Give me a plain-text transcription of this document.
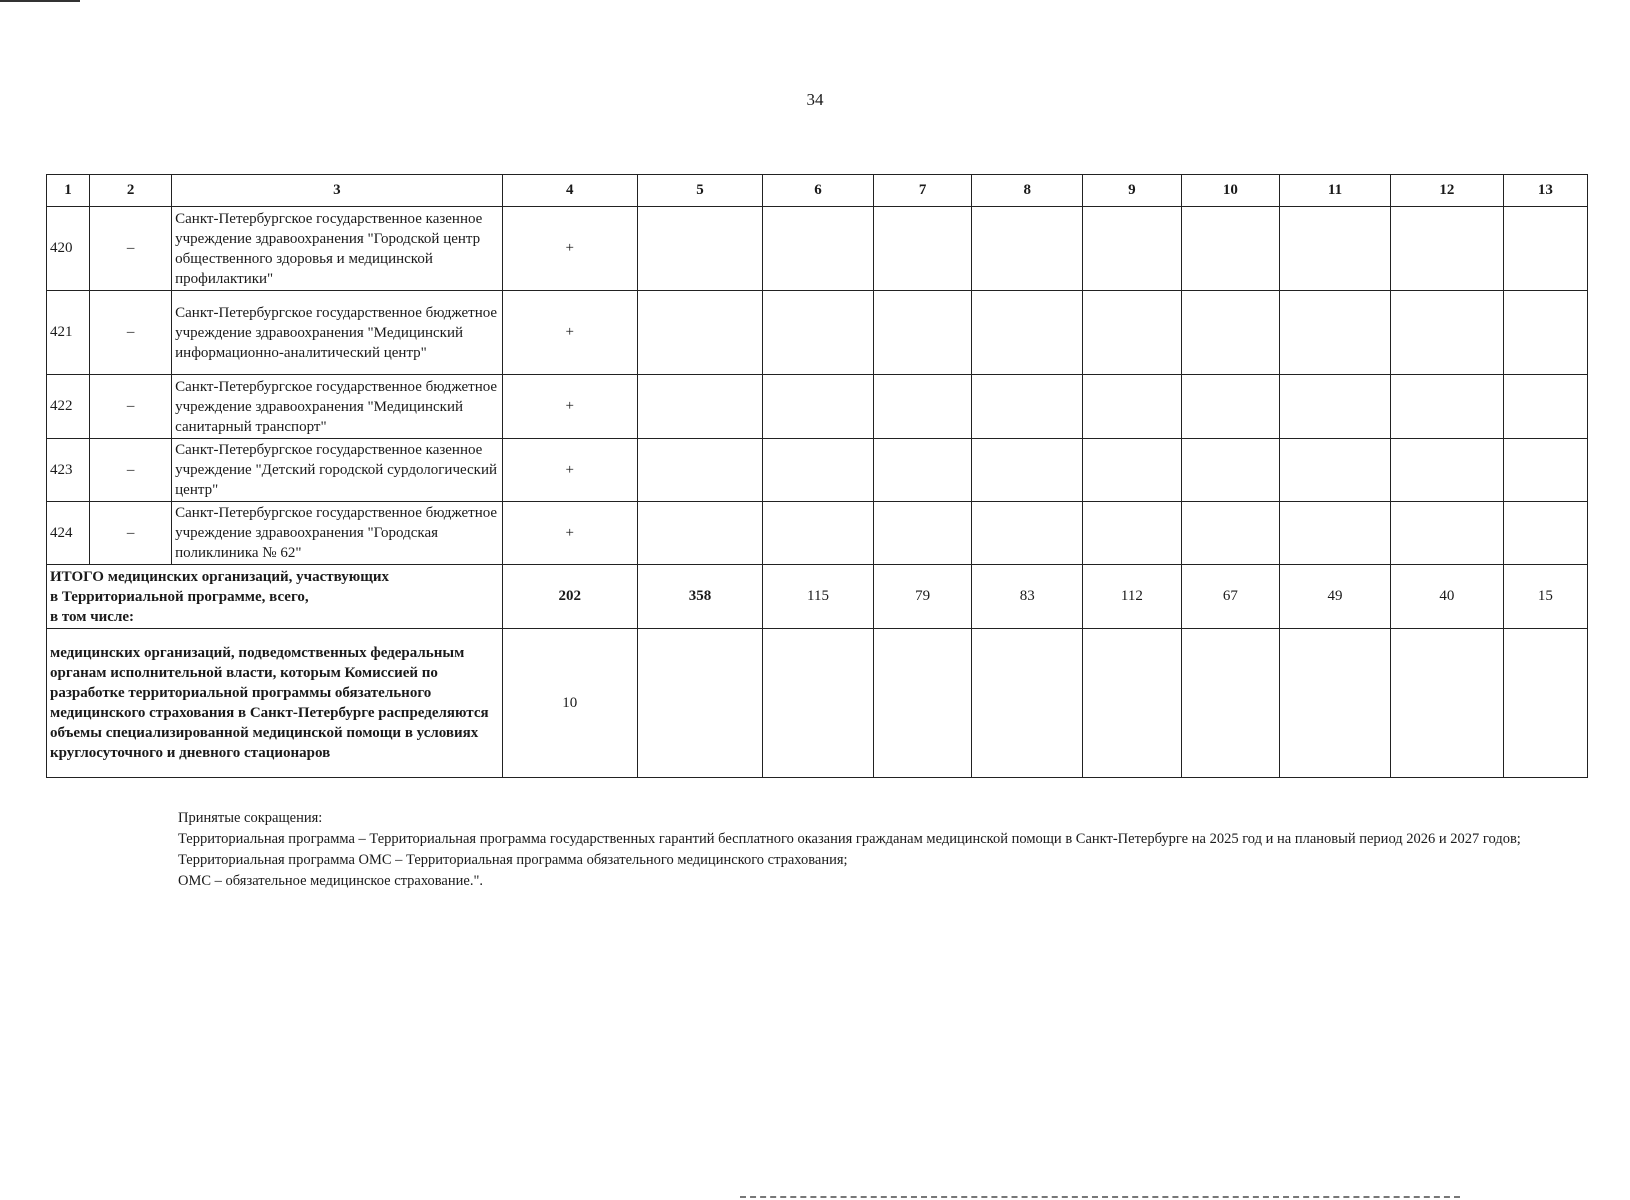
34
1	2	3	4	5	6	7	8	9	10	11	12	13
420	–	Санкт-Петербургское государственное казенное учреждение здравоохранения "Городской центр общественного здоровья и медицинской профилактики"	+									
421	–	Санкт-Петербургское государственное бюджетное учреждение здравоохранения "Медицинский информационно-аналитический центр"	+									
422	–	Санкт-Петербургское государственное бюджетное учреждение здравоохранения "Медицинский санитарный транспорт"	+									
423	–	Санкт-Петербургское государственное казенное учреждение "Детский городской сурдологический центр"	+									
424	–	Санкт-Петербургское государственное бюджетное учреждение здравоохранения "Городская поликлиника № 62"	+									

ИТОГО медицинских организаций, участвующих
в Территориальной программе, всего,
в том числе:			202	358	115	79	83	112	67	49	40	15
медицинских организаций, подведомственных федеральным органам исполнительной власти, которым Комиссией по разработке территориальной программы обязательного медицинского страхования в Санкт-Петербурге распределяются объемы специализированной медицинской помощи в условиях круглосуточного и дневного стационаров			10									
Принятые сокращения:
Территориальная программа – Территориальная программа государственных гарантий бесплатного оказания гражданам медицинской помощи в Санкт-Петербурге на 2025 год и на плановый период 2026 и 2027 годов;
Территориальная программа ОМС – Территориальная программа обязательного медицинского страхования;
ОМС – обязательное медицинское страхование.".
